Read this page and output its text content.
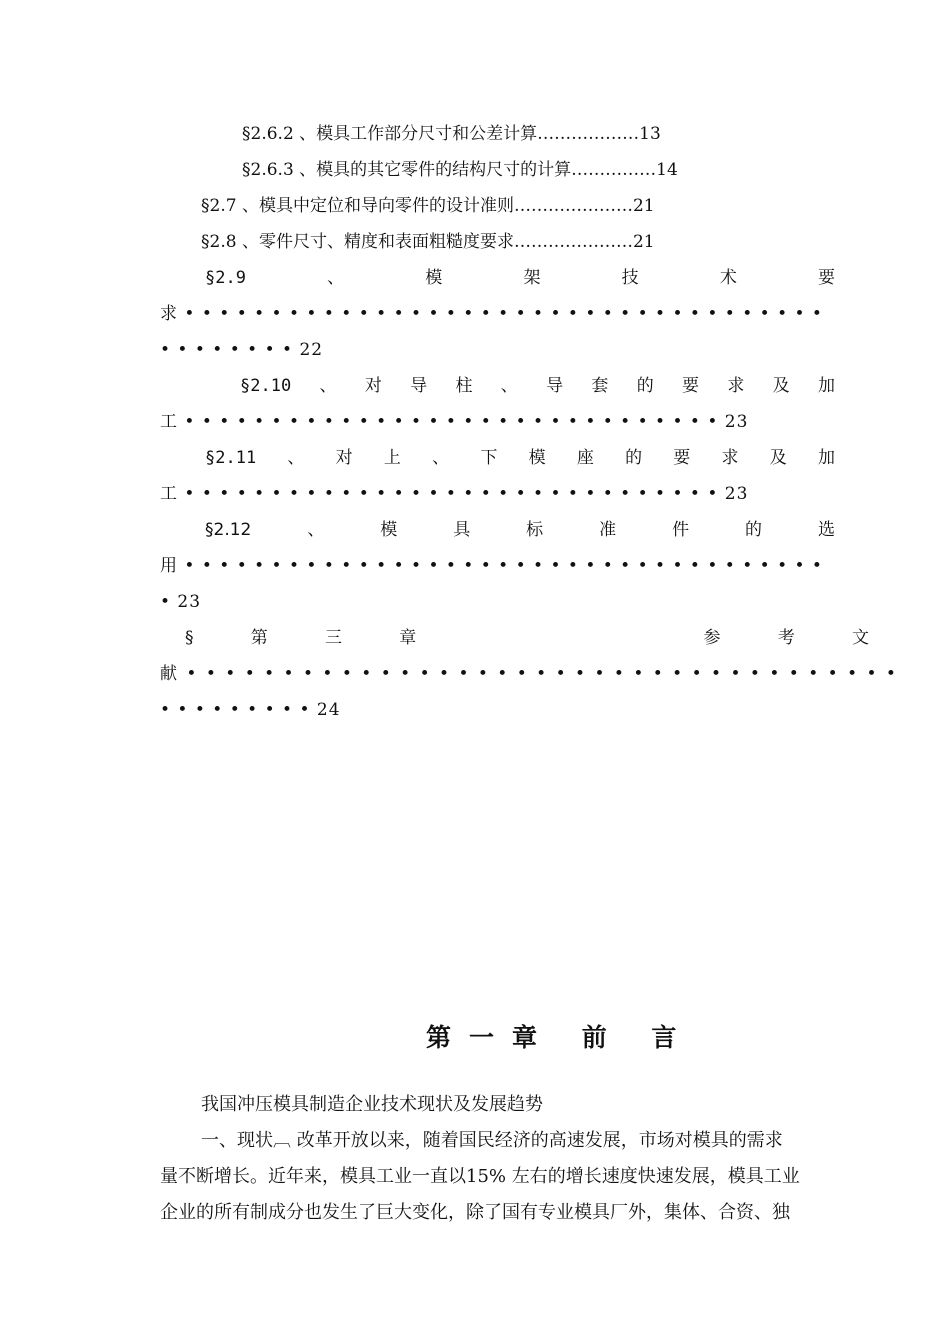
§2.6.2 、模具工作部分尺寸和公差计算………………13
§2.6.3 、模具的其它零件的结构尺寸的计算……………14
§2.7 、模具中定位和导向零件的设计准则…………………21
§2.8 、零件尺寸、精度和表面粗糙度要求…………………21
§2.9	、	模	架	技	术	要
求 • • • • • • • • • • • • • • • • • • • • • • • • • • • • • • • • • • • • •
• • • • • • • • 22
§2.10 、 对 导 柱 、 导 套 的 要 求 及 加
工 • • • • • • • • • • • • • • • • • • • • • • • • • • • • • • • 23
§2.11 、 对 上 、 下 模 座 的 要 求 及 加
工 • • • • • • • • • • • • • • • • • • • • • • • • • • • • • • • 23
§2.12	、	模	具	标	准	件	的	选
用 • • • • • • • • • • • • • • • • • • • • • • • • • • • • • • • • • • • • •
• 23
§	第	三	章	参	考	文
献 • • • • • • • • • • • • • • • • • • • • • • • • • • • • • • • • • • • • •
• • • • • • • • • 24
第一章 前 言
我国冲压模具制造企业技术现状及发展趋势
一、现状︹ 改革开放以来，随着国民经济的高速发展，市场对模具的需求
量不断增长。近年来，模具工业一直以15% 左右的增长速度快速发展，模具工业
企业的所有制成分也发生了巨大变化，除了国有专业模具厂外，集体、合资、独
